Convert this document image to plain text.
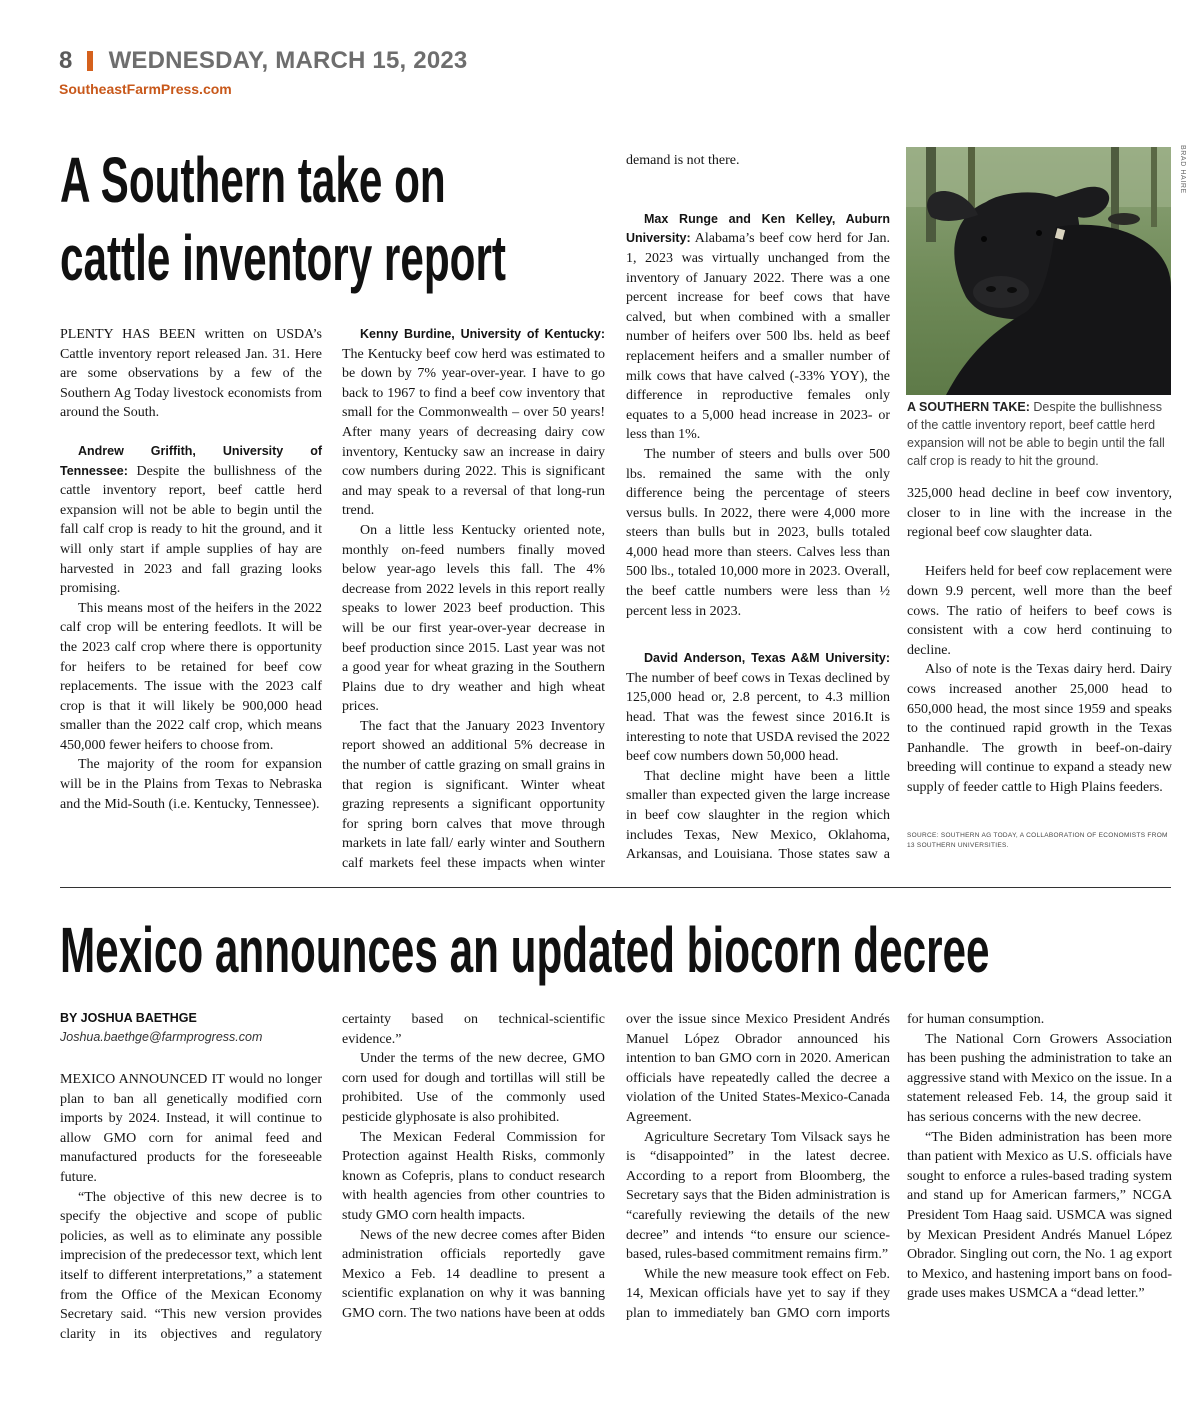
8 WEDNESDAY, MARCH 15, 2023
SoutheastFarmPress.com
A Southern take on
cattle inventory report

PLENTY HAS BEEN written on USDA’s Cattle inventory report released Jan. 31. Here are some observations by a few of the Southern Ag Today livestock economists from around the South.

Andrew Griffith, University of Tennessee: Despite the bullishness of the cattle inventory report, beef cattle herd expansion will not be able to begin until the fall calf crop is ready to hit the ground, and it will only start if ample supplies of hay are harvested in 2023 and fall grazing looks promising.

This means most of the heifers in the 2022 calf crop will be entering feedlots. It will be the 2023 calf crop where there is opportunity for heifers to be retained for beef cow replacements. The issue with the 2023 calf crop is that it will likely be 900,000 head smaller than the 2022 calf crop, which means 450,000 fewer heifers to choose from.

The majority of the room for expansion will be in the Plains from Texas to Nebraska and the Mid-South (i.e. Kentucky, Tennessee).

Kenny Burdine, University of Kentucky: The Kentucky beef cow herd was estimated to be down by 7% year-over-year. I have to go back to 1967 to find a beef cow inventory that small for the Commonwealth – over 50 years! After many years of decreasing dairy cow inventory, Kentucky saw an increase in dairy cow numbers during 2022. This is significant and may speak to a reversal of that long-run trend.

On a little less Kentucky oriented note, monthly on-feed numbers finally moved below year-ago levels this fall. The 4% decrease from 2022 levels in this report really speaks to lower 2023 beef production. This will be our first year-over-year decrease in beef production since 2015. Last year was not a good year for wheat grazing in the Southern Plains due to dry weather and high wheat prices.

The fact that the January 2023 Inventory report showed an additional 5% decrease in the number of cattle grazing on small grains in that region is significant. Winter wheat grazing represents a significant opportunity for spring born calves that move through markets in late fall/ early winter and Southern calf markets feel these impacts when winter

demand is not there.

Max Runge and Ken Kelley, Auburn University: Alabama’s beef cow herd for Jan. 1, 2023 was virtually unchanged from the inventory of January 2022. There was a one percent increase for beef cows that have calved, but when combined with a smaller number of heifers over 500 lbs. held as beef replacement heifers and a smaller number of milk cows that have calved (-33% YOY), the difference in reproductive females only equates to a 5,000 head increase in 2023- or less than 1%.

The number of steers and bulls over 500 lbs. remained the same with the only difference being the percentage of steers versus bulls. In 2022, there were 4,000 more steers than bulls but in 2023, bulls totaled 4,000 head more than steers. Calves less than 500 lbs., totaled 10,000 more in 2023. Overall, the beef cattle numbers were less than ½ percent less in 2023.

David Anderson, Texas A&M University: The number of beef cows in Texas declined by 125,000 head or, 2.8 percent, to 4.3 million head. That was the fewest since 2016.It is interesting to note that USDA revised the 2022 beef cow numbers down 50,000 head.

That decline might have been a little smaller than expected given the large increase in beef cow slaughter in the region which includes Texas, New Mexico, Oklahoma, Arkansas, and Louisiana. Those states saw a

BRAD HAIRE
A SOUTHERN TAKE: Despite the bullishness of the cattle inventory report, beef cattle herd expansion will not be able to begin until the fall calf crop is ready to hit the ground.

325,000 head decline in beef cow inventory, closer to in line with the increase in the regional beef cow slaughter data.

Heifers held for beef cow replacement were down 9.9 percent, well more than the beef cows. The ratio of heifers to beef cows is consistent with a cow herd continuing to decline.

Also of note is the Texas dairy herd. Dairy cows increased another 25,000 head to 650,000 head, the most since 1959 and speaks to the continued rapid growth in the Texas Panhandle. The growth in beef-on-dairy breeding will continue to expand a steady new supply of feeder cattle to High Plains feeders.

SOURCE: SOUTHERN AG TODAY, A COLLABORATION OF ECONOMISTS FROM 13 SOUTHERN UNIVERSITIES.
Mexico announces an updated biocorn decree
BY JOSHUA BAETHGE
Joshua.baethge@farmprogress.com

MEXICO ANNOUNCED IT would no longer plan to ban all genetically modified corn imports by 2024. Instead, it will continue to allow GMO corn for animal feed and manufactured products for the foreseeable future.

“The objective of this new decree is to specify the objective and scope of public policies, as well as to eliminate any possible imprecision of the predecessor text, which lent itself to different interpretations,” a statement from the Office of the Mexican Economy Secretary said. “This new version provides clarity in its objectives and regulatory

certainty based on technical-scientific evidence.”

Under the terms of the new decree, GMO corn used for dough and tortillas will still be prohibited. Use of the commonly used pesticide glyphosate is also prohibited.

The Mexican Federal Commission for Protection against Health Risks, commonly known as Cofepris, plans to conduct research with health agencies from other countries to study GMO corn health impacts.

News of the new decree comes after Biden administration officials reportedly gave Mexico a Feb. 14 deadline to present a scientific explanation on why it was banning GMO corn. The two nations have been at odds

over the issue since Mexico President Andrés Manuel López Obrador announced his intention to ban GMO corn in 2020. American officials have repeatedly called the decree a violation of the United States-Mexico-Canada Agreement.

Agriculture Secretary Tom Vilsack says he is “disappointed” in the latest decree. According to a report from Bloomberg, the Secretary says that the Biden administration is “carefully reviewing the details of the new decree” and intends “to ensure our science-based, rules-based commitment remains firm.”

While the new measure took effect on Feb. 14, Mexican officials have yet to say if they plan to immediately ban GMO corn imports

for human consumption.

The National Corn Growers Association has been pushing the administration to take an aggressive stand with Mexico on the issue. In a statement released Feb. 14, the group said it has serious concerns with the new decree.

“The Biden administration has been more than patient with Mexico as U.S. officials have sought to enforce a rules-based trading system and stand up for American farmers,” NCGA President Tom Haag said. USMCA was signed by Mexican President Andrés Manuel López Obrador. Singling out corn, the No. 1 ag export to Mexico, and hastening import bans on food-grade uses makes USMCA a “dead letter.”
